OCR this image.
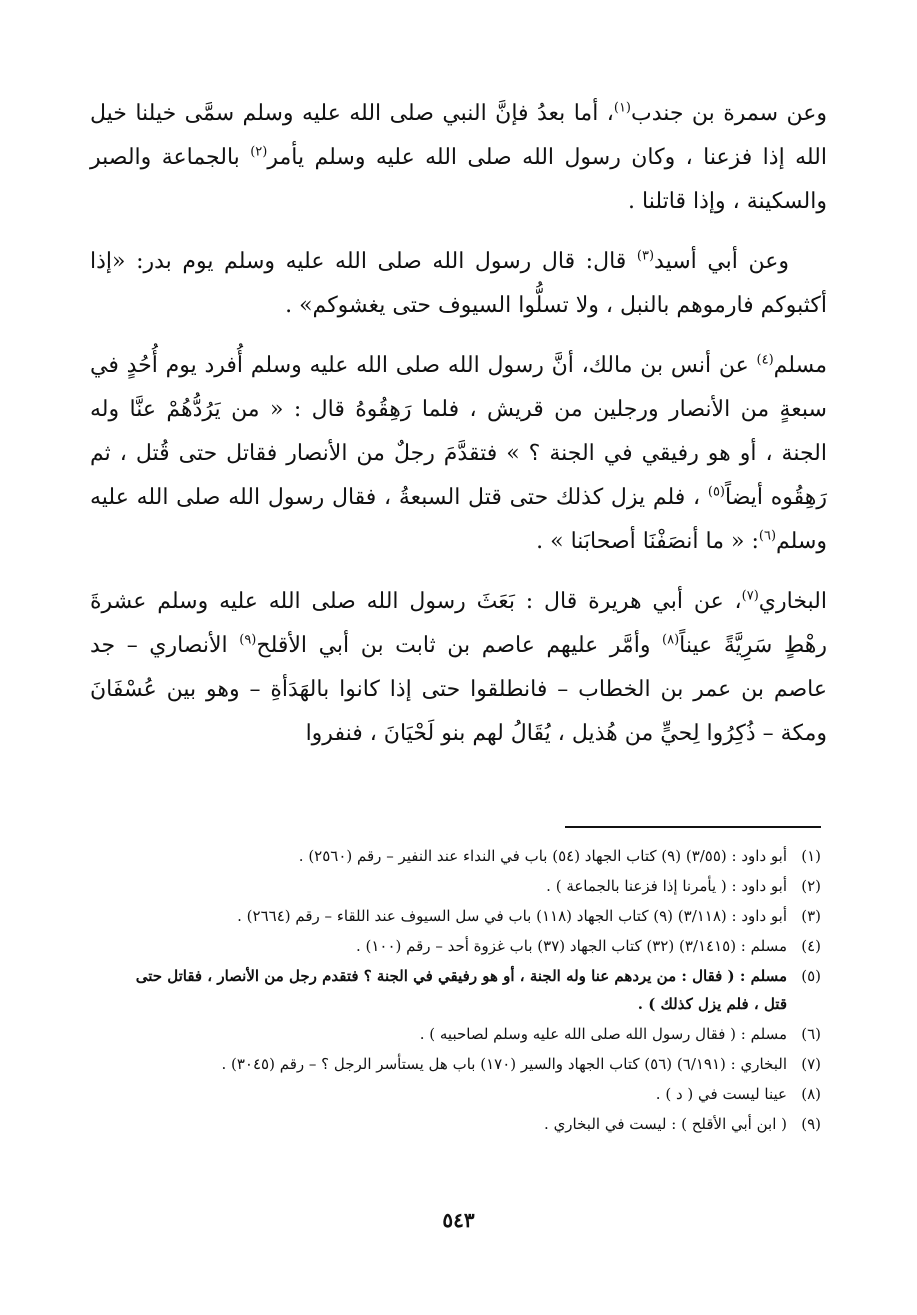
وعن سمرة بن جندب$^{(١)}$، أما بعدُ فإنَّ النبي صلى الله عليه وسلم سمَّى خيلنا خيل الله إذا فزعنا ، وكان رسول الله صلى الله عليه وسلم يأمر$^{(٢)}$ بالجماعة والصبر والسكينة ، وإذا قاتلنا .

وعن أبي أسيد$^{(٣)}$ قال: قال رسول الله صلى الله عليه وسلم يوم بدر: «إذا أكثبوكم فارموهم بالنبل ، ولا تسلُّوا السيوف حتى يغشوكم» .

مسلم$^{(٤)}$ عن أنس بن مالك، أنَّ رسول الله صلى الله عليه وسلم أُفرد يوم أُحُدٍ في سبعةٍ من الأنصار ورجلين من قريش ، فلما رَهِقُوهُ قال : « من يَرُدُّهُمْ عنَّا وله الجنة ، أو هو رفيقي في الجنة ؟ » فتقدَّمَ رجلٌ من الأنصار فقاتل حتى قُتل ، ثم رَهِقُوه أيضاً$^{(٥)}$ ، فلم يزل كذلك حتى قتل السبعةُ ، فقال رسول الله صلى الله عليه وسلم$^{(٦)}$: « ما أنصَفْنَا أصحابَنا » .

البخاري$^{(٧)}$، عن أبي هريرة قال : بَعَثَ رسول الله صلى الله عليه وسلم عشرةَ رهْطٍ سَرِيَّةً عيناً$^{(٨)}$ وأمَّر عليهم عاصم بن ثابت بن أبي الأقلح$^{(٩)}$ الأنصاري – جد عاصم بن عمر بن الخطاب – فانطلقوا حتى إذا كانوا بالهَدَأةِ – وهو بين عُسْفَانَ ومكة – ذُكِرُوا لِحيٍّ من هُذيل ، يُقَالُ لهم بنو لَحْيَانَ ، فنفروا

(١)
أبو داود : (٣/٥٥) (٩) كتاب الجهاد (٥٤) باب في النداء عند النفير – رقم (٢٥٦٠) .
(٢)
أبو داود : ( يأمرنا إذا فزعنا بالجماعة ) .
(٣)
أبو داود : (٣/١١٨) (٩) كتاب الجهاد (١١٨) باب في سل السيوف عند اللقاء – رقم (٢٦٦٤) .
(٤)
مسلم : (٣/١٤١٥) (٣٢) كتاب الجهاد (٣٧) باب غزوة أحد – رقم (١٠٠) .
(٥)
مسلم : ( فقال : من يردهم عنا وله الجنة ، أو هو رفيقي في الجنة ؟ فتقدم رجل من الأنصار ، فقاتل حتى قتل ، فلم يزل كذلك ) .
(٦)
مسلم : ( فقال رسول الله صلى الله عليه وسلم لصاحبيه ) .
(٧)
البخاري : (٦/١٩١) (٥٦) كتاب الجهاد والسير (١٧٠) باب هل يستأسر الرجل ؟ – رقم (٣٠٤٥) .
(٨)
عينا ليست في ( د ) .
(٩)
( ابن أبي الأقلح ) : ليست في البخاري .
٥٤٣
